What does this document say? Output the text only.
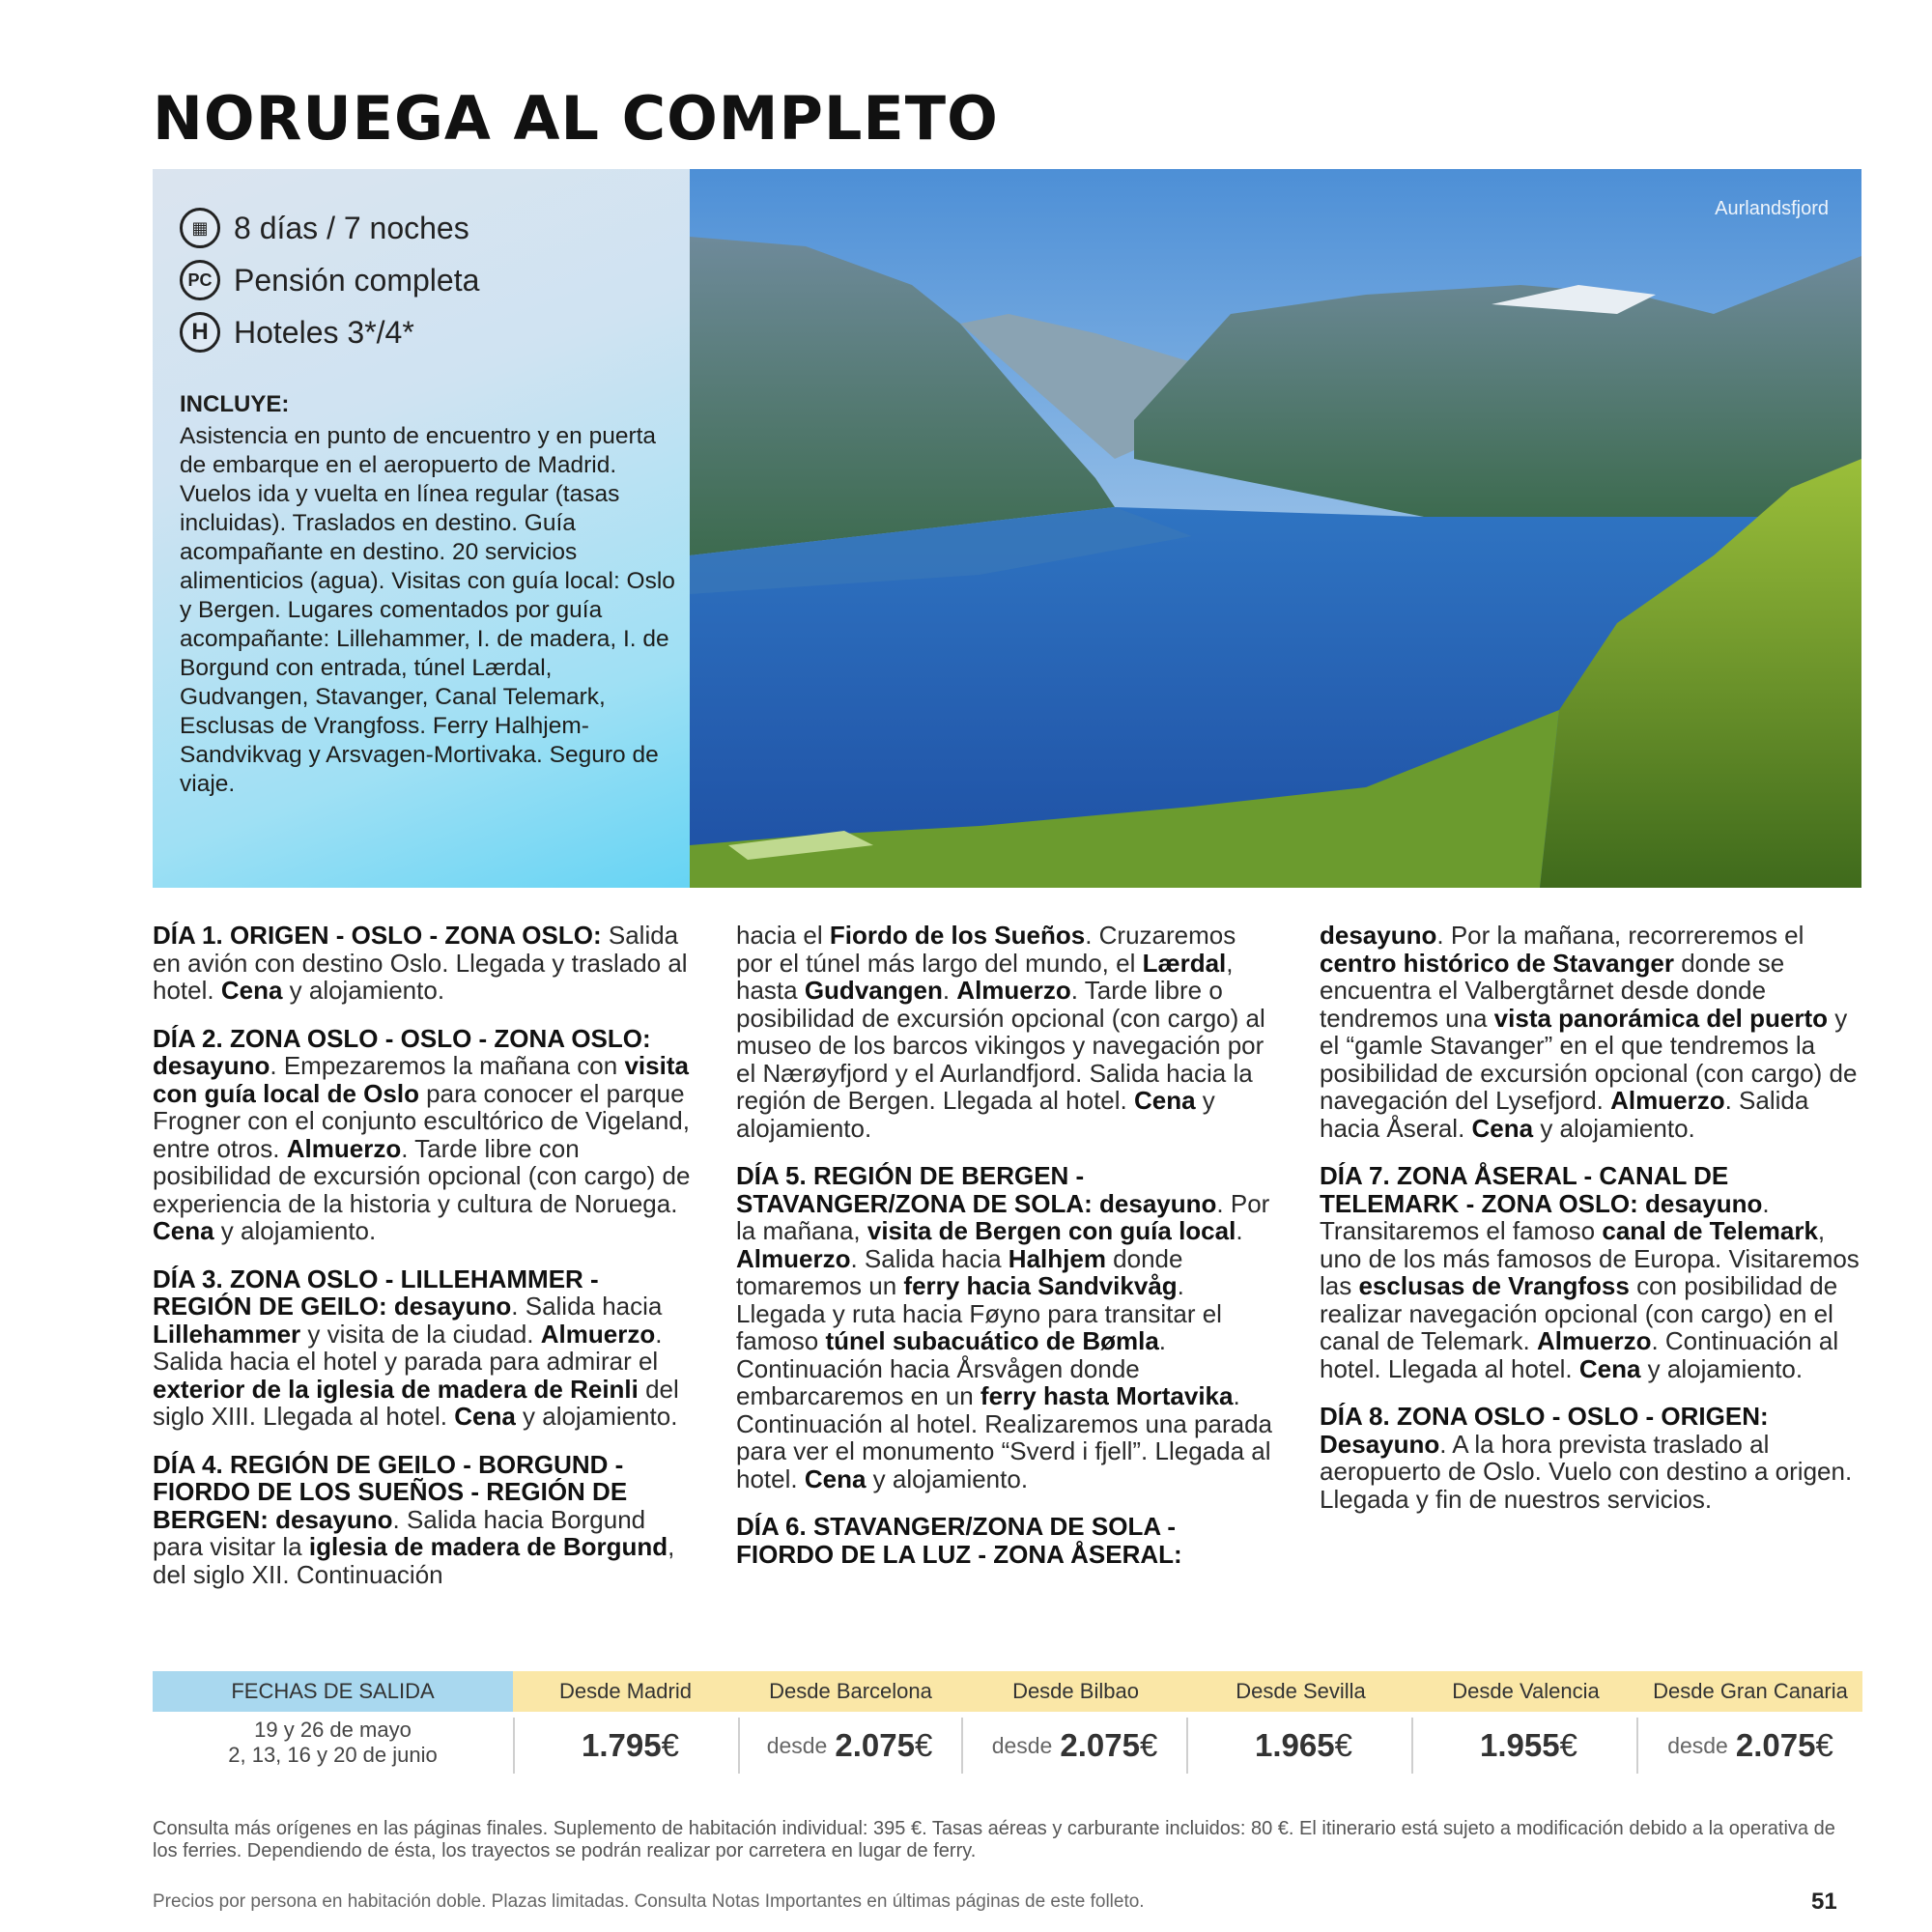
NORUEGA AL COMPLETO
▦ 8 días / 7 noches
PC Pensión completa
H Hoteles 3*/4*
INCLUYE:
Asistencia en punto de encuentro y en puerta de embarque en el aeropuerto de Madrid. Vuelos ida y vuelta en línea regular (tasas incluidas). Traslados en destino. Guía acompañante en destino. 20 servicios alimenticios (agua). Visitas con guía local: Oslo y Bergen. Lugares comentados por guía acompañante: Lillehammer, I. de madera, I. de Borgund con entrada, túnel Lærdal, Gudvangen, Stavanger, Canal Telemark, Esclusas de Vrangfoss. Ferry Halhjem-Sandvikvag y Arsvagen-Mortivaka. Seguro de viaje.
Aurlandsfjord

DÍA 1. ORIGEN - OSLO - ZONA OSLO: Salida en avión con destino Oslo. Llegada y traslado al hotel. Cena y alojamiento.

DÍA 2. ZONA OSLO - OSLO - ZONA OSLO: desayuno. Empezaremos la mañana con visita con guía local de Oslo para conocer el parque Frogner con el conjunto escultórico de Vigeland, entre otros. Almuerzo. Tarde libre con posibilidad de excursión opcional (con cargo) de experiencia de la historia y cultura de Noruega. Cena y alojamiento.

DÍA 3. ZONA OSLO - LILLEHAMMER - REGIÓN DE GEILO: desayuno. Salida hacia Lillehammer y visita de la ciudad. Almuerzo. Salida hacia el hotel y parada para admirar el exterior de la iglesia de madera de Reinli del siglo XIII. Llegada al hotel. Cena y alojamiento.

DÍA 4. REGIÓN DE GEILO - BORGUND - FIORDO DE LOS SUEÑOS - REGIÓN DE BERGEN: desayuno. Salida hacia Borgund para visitar la iglesia de madera de Borgund, del siglo XII. Continuación

hacia el Fiordo de los Sueños. Cruzaremos por el túnel más largo del mundo, el Lærdal, hasta Gudvangen. Almuerzo. Tarde libre o posibilidad de excursión opcional (con cargo) al museo de los barcos vikingos y navegación por el Nærøyfjord y el Aurlandfjord. Salida hacia la región de Bergen. Llegada al hotel. Cena y alojamiento.

DÍA 5. REGIÓN DE BERGEN - STAVANGER/ZONA DE SOLA: desayuno. Por la mañana, visita de Bergen con guía local. Almuerzo. Salida hacia Halhjem donde tomaremos un ferry hacia Sandvikvåg. Llegada y ruta hacia Føyno para transitar el famoso túnel subacuático de Bømla. Continuación hacia Årsvågen donde embarcaremos en un ferry hasta Mortavika. Continuación al hotel. Realizaremos una parada para ver el monumento “Sverd i fjell”. Llegada al hotel. Cena y alojamiento.

DÍA 6. STAVANGER/ZONA DE SOLA - FIORDO DE LA LUZ - ZONA ÅSERAL:

desayuno. Por la mañana, recorreremos el centro histórico de Stavanger donde se encuentra el Valbergtårnet desde donde tendremos una vista panorámica del puerto y el “gamle Stavanger” en el que tendremos la posibilidad de excursión opcional (con cargo) de navegación del Lysefjord. Almuerzo. Salida hacia Åseral. Cena y alojamiento.

DÍA 7. ZONA ÅSERAL - CANAL DE TELEMARK - ZONA OSLO: desayuno. Transitaremos el famoso canal de Telemark, uno de los más famosos de Europa. Visitaremos las esclusas de Vrangfoss con posibilidad de realizar navegación opcional (con cargo) en el canal de Telemark. Almuerzo. Continuación al hotel. Llegada al hotel. Cena y alojamiento.

DÍA 8. ZONA OSLO - OSLO - ORIGEN: Desayuno. A la hora prevista traslado al aeropuerto de Oslo. Vuelo con destino a origen. Llegada y fin de nuestros servicios.

FECHAS DE SALIDA
19 y 26 de mayo
2, 13, 16 y 20 de junio
Desde Madrid
1.795 €
Desde Barcelona
desde 2.075 €
Desde Bilbao
desde 2.075 €
Desde Sevilla
1.965 €
Desde Valencia
1.955 €
Desde Gran Canaria
desde 2.075 €
Consulta más orígenes en las páginas finales. Suplemento de habitación individual: 395 €. Tasas aéreas y carburante incluidos: 80 €. El itinerario está sujeto a modificación debido a la operativa de los ferries. Dependiendo de ésta, los trayectos se podrán realizar por carretera en lugar de ferry.
Precios por persona en habitación doble. Plazas limitadas. Consulta Notas Importantes en últimas páginas de este folleto.	51
